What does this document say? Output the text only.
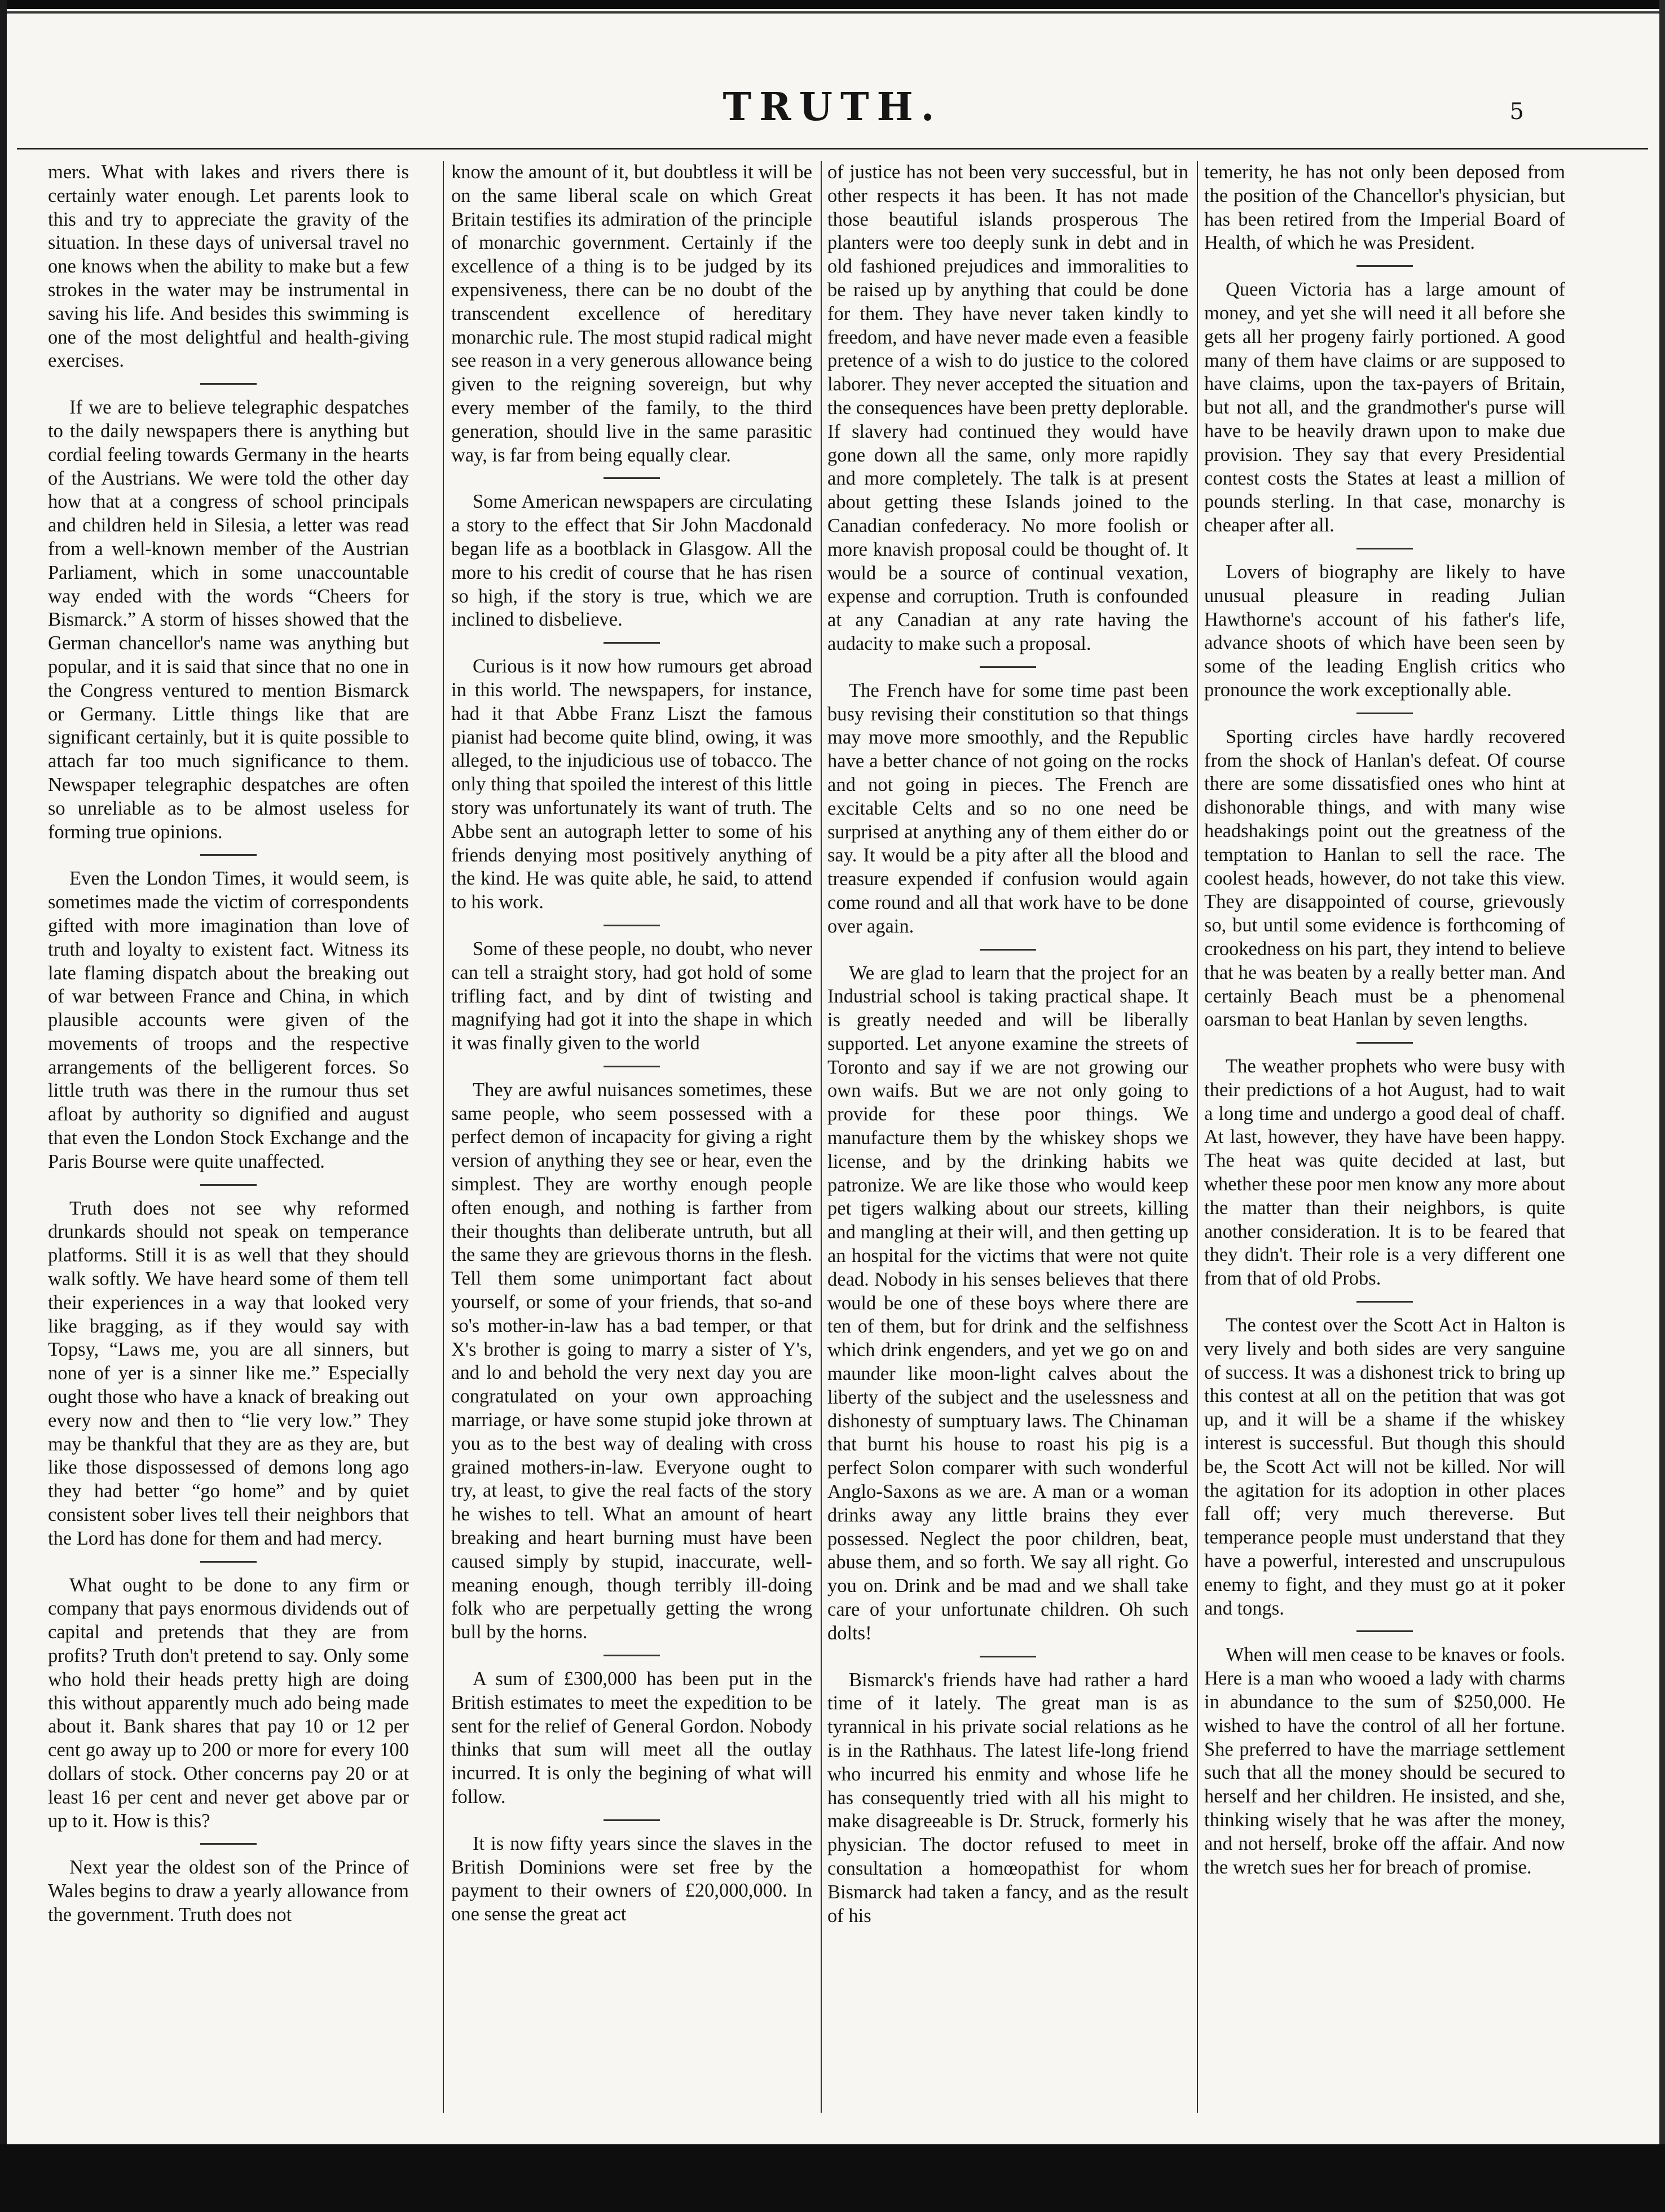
TRUTH.	5

mers. What with lakes and rivers there is certainly water enough. Let parents look to this and try to appreciate the gravity of the situation. In these days of universal travel no one knows when the ability to make but a few strokes in the water may be instrumental in saving his life. And besides this swimming is one of the most delightful and health-giving exercises.

If we are to believe telegraphic despatches to the daily newspapers there is anything but cordial feeling towards Germany in the hearts of the Austrians. We were told the other day how that at a congress of school principals and children held in Silesia, a letter was read from a well-known member of the Austrian Parliament, which in some unaccountable way ended with the words “Cheers for Bismarck.” A storm of hisses showed that the German chancellor's name was anything but popular, and it is said that since that no one in the Congress ventured to mention Bismarck or Germany. Little things like that are significant certainly, but it is quite possible to attach far too much significance to them. Newspaper telegraphic despatches are often so unreliable as to be almost useless for forming true opinions.

Even the London Times, it would seem, is sometimes made the victim of correspondents gifted with more imagination than love of truth and loyalty to existent fact. Witness its late flaming dispatch about the breaking out of war between France and China, in which plausible accounts were given of the movements of troops and the respective arrangements of the belligerent forces. So little truth was there in the rumour thus set afloat by authority so dignified and august that even the London Stock Exchange and the Paris Bourse were quite unaffected.

Truth does not see why reformed drunkards should not speak on temperance platforms. Still it is as well that they should walk softly. We have heard some of them tell their experiences in a way that looked very like bragging, as if they would say with Topsy, “Laws me, you are all sinners, but none of yer is a sinner like me.” Especially ought those who have a knack of breaking out every now and then to “lie very low.” They may be thankful that they are as they are, but like those dispossessed of demons long ago they had better “go home” and by quiet consistent sober lives tell their neighbors that the Lord has done for them and had mercy.

What ought to be done to any firm or company that pays enormous dividends out of capital and pretends that they are from profits? Truth don't pretend to say. Only some who hold their heads pretty high are doing this without apparently much ado being made about it. Bank shares that pay 10 or 12 per cent go away up to 200 or more for every 100 dollars of stock. Other concerns pay 20 or at least 16 per cent and never get above par or up to it. How is this?

Next year the oldest son of the Prince of Wales begins to draw a yearly allowance from the government. Truth does not

know the amount of it, but doubtless it will be on the same liberal scale on which Great Britain testifies its admiration of the principle of monarchic government. Certainly if the excellence of a thing is to be judged by its expensiveness, there can be no doubt of the transcendent excellence of hereditary monarchic rule. The most stupid radical might see reason in a very generous allowance being given to the reigning sovereign, but why every member of the family, to the third generation, should live in the same parasitic way, is far from being equally clear.

Some American newspapers are circulating a story to the effect that Sir John Macdonald began life as a bootblack in Glasgow. All the more to his credit of course that he has risen so high, if the story is true, which we are inclined to disbelieve.

Curious is it now how rumours get abroad in this world. The newspapers, for instance, had it that Abbe Franz Liszt the famous pianist had become quite blind, owing, it was alleged, to the injudicious use of tobacco. The only thing that spoiled the interest of this little story was unfortunately its want of truth. The Abbe sent an autograph letter to some of his friends denying most positively anything of the kind. He was quite able, he said, to attend to his work.

Some of these people, no doubt, who never can tell a straight story, had got hold of some trifling fact, and by dint of twisting and magnifying had got it into the shape in which it was finally given to the world

They are awful nuisances sometimes, these same people, who seem possessed with a perfect demon of incapacity for giving a right version of anything they see or hear, even the simplest. They are worthy enough people often enough, and nothing is farther from their thoughts than deliberate untruth, but all the same they are grievous thorns in the flesh. Tell them some unimportant fact about yourself, or some of your friends, that so-and so's mother-in-law has a bad temper, or that X's brother is going to marry a sister of Y's, and lo and behold the very next day you are congratulated on your own approaching marriage, or have some stupid joke thrown at you as to the best way of dealing with cross grained mothers-in-law. Everyone ought to try, at least, to give the real facts of the story he wishes to tell. What an amount of heart breaking and heart burning must have been caused simply by stupid, inaccurate, well-meaning enough, though terribly ill-doing folk who are perpetually getting the wrong bull by the horns.

A sum of £300,000 has been put in the British estimates to meet the expedition to be sent for the relief of General Gordon. Nobody thinks that sum will meet all the outlay incurred. It is only the begining of what will follow.

It is now fifty years since the slaves in the British Dominions were set free by the payment to their owners of £20,000,000. In one sense the great act

of justice has not been very successful, but in other respects it has been. It has not made those beautiful islands prosperous The planters were too deeply sunk in debt and in old fashioned prejudices and immoralities to be raised up by anything that could be done for them. They have never taken kindly to freedom, and have never made even a feasible pretence of a wish to do justice to the colored laborer. They never accepted the situation and the consequences have been pretty deplorable. If slavery had continued they would have gone down all the same, only more rapidly and more completely. The talk is at present about getting these Islands joined to the Canadian confederacy. No more foolish or more knavish proposal could be thought of. It would be a source of continual vexation, expense and corruption. Truth is confounded at any Canadian at any rate having the audacity to make such a proposal.

The French have for some time past been busy revising their constitution so that things may move more smoothly, and the Republic have a better chance of not going on the rocks and not going in pieces. The French are excitable Celts and so no one need be surprised at anything any of them either do or say. It would be a pity after all the blood and treasure expended if confusion would again come round and all that work have to be done over again.

We are glad to learn that the project for an Industrial school is taking practical shape. It is greatly needed and will be liberally supported. Let anyone examine the streets of Toronto and say if we are not growing our own waifs. But we are not only going to provide for these poor things. We manufacture them by the whiskey shops we license, and by the drinking habits we patronize. We are like those who would keep pet tigers walking about our streets, killing and mangling at their will, and then getting up an hospital for the victims that were not quite dead. Nobody in his senses believes that there would be one of these boys where there are ten of them, but for drink and the selfishness which drink engenders, and yet we go on and maunder like moon-light calves about the liberty of the subject and the uselessness and dishonesty of sumptuary laws. The Chinaman that burnt his house to roast his pig is a perfect Solon comparer with such wonderful Anglo-Saxons as we are. A man or a woman drinks away any little brains they ever possessed. Neglect the poor children, beat, abuse them, and so forth. We say all right. Go you on. Drink and be mad and we shall take care of your unfortunate children. Oh such dolts!

Bismarck's friends have had rather a hard time of it lately. The great man is as tyrannical in his private social relations as he is in the Rathhaus. The latest life-long friend who incurred his enmity and whose life he has consequently tried with all his might to make disagreeable is Dr. Struck, formerly his physician. The doctor refused to meet in consultation a homœopathist for whom Bismarck had taken a fancy, and as the result of his

temerity, he has not only been deposed from the position of the Chancellor's physician, but has been retired from the Imperial Board of Health, of which he was President.

Queen Victoria has a large amount of money, and yet she will need it all before she gets all her progeny fairly portioned. A good many of them have claims or are supposed to have claims, upon the tax-payers of Britain, but not all, and the grandmother's purse will have to be heavily drawn upon to make due provision. They say that every Presidential contest costs the States at least a million of pounds sterling. In that case, monarchy is cheaper after all.

Lovers of biography are likely to have unusual pleasure in reading Julian Hawthorne's account of his father's life, advance shoots of which have been seen by some of the leading English critics who pronounce the work exceptionally able.

Sporting circles have hardly recovered from the shock of Hanlan's defeat. Of course there are some dissatisfied ones who hint at dishonorable things, and with many wise headshakings point out the greatness of the temptation to Hanlan to sell the race. The coolest heads, however, do not take this view. They are disappointed of course, grievously so, but until some evidence is forthcoming of crookedness on his part, they intend to believe that he was beaten by a really better man. And certainly Beach must be a phenomenal oarsman to beat Hanlan by seven lengths.

The weather prophets who were busy with their predictions of a hot August, had to wait a long time and undergo a good deal of chaff. At last, however, they have have been happy. The heat was quite decided at last, but whether these poor men know any more about the matter than their neighbors, is quite another consideration. It is to be feared that they didn't. Their role is a very different one from that of old Probs.

The contest over the Scott Act in Halton is very lively and both sides are very sanguine of success. It was a dishonest trick to bring up this contest at all on the petition that was got up, and it will be a shame if the whiskey interest is successful. But though this should be, the Scott Act will not be killed. Nor will the agitation for its adoption in other places fall off; very much thereverse. But temperance people must understand that they have a powerful, interested and unscrupulous enemy to fight, and they must go at it poker and tongs.

When will men cease to be knaves or fools. Here is a man who wooed a lady with charms in abundance to the sum of $250,000. He wished to have the control of all her fortune. She preferred to have the marriage settlement such that all the money should be secured to herself and her children. He insisted, and she, thinking wisely that he was after the money, and not herself, broke off the affair. And now the wretch sues her for breach of promise.
